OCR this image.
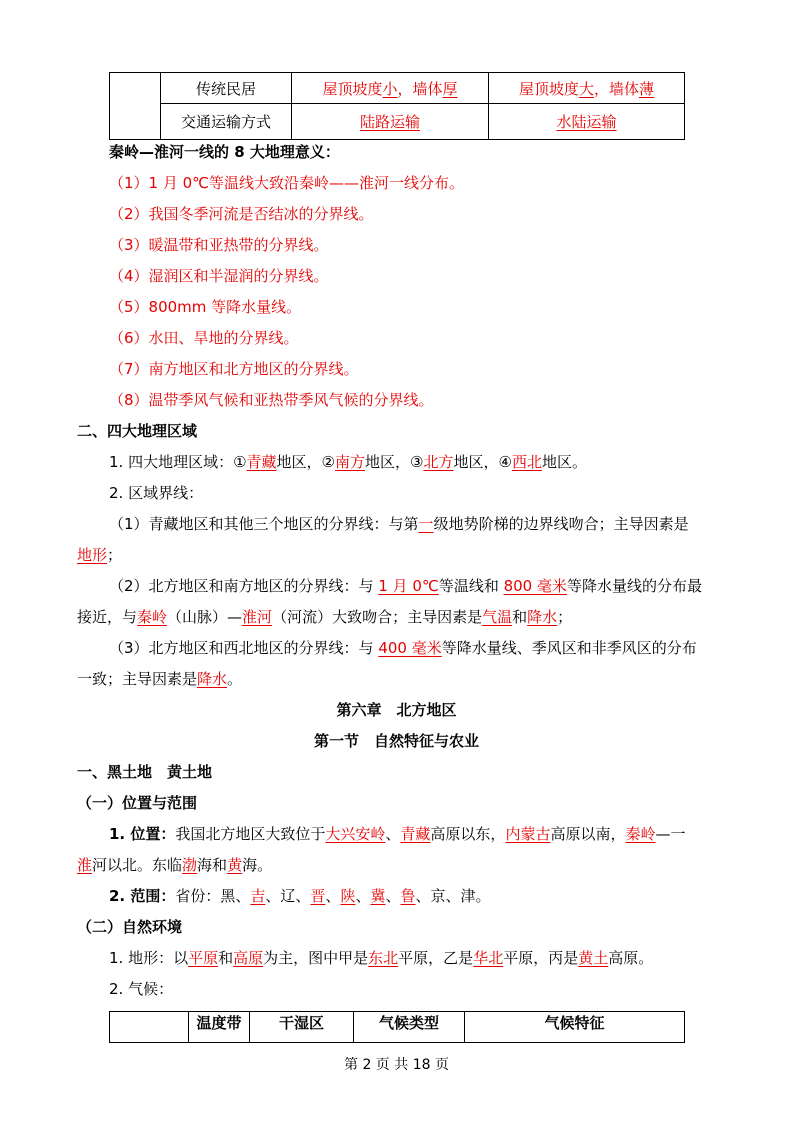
	传统民居	屋顶坡度小，墙体厚	屋顶坡度大，墙体薄
	交通运输方式	陆路运输	水陆运输
秦岭—淮河一线的 8 大地理意义：
（1）1 月 0℃等温线大致沿秦岭——淮河一线分布。
（2）我国冬季河流是否结冰的分界线。
（3）暖温带和亚热带的分界线。
（4）湿润区和半湿润的分界线。
（5）800mm 等降水量线。
（6）水田、旱地的分界线。
（7）南方地区和北方地区的分界线。
（8）温带季风气候和亚热带季风气候的分界线。
二、四大地理区域
1. 四大地理区域：①青藏地区，②南方地区，③北方地区，④西北地区。
2. 区域界线：
（1）青藏地区和其他三个地区的分界线：与第一级地势阶梯的边界线吻合；主导因素是
地形；
（2）北方地区和南方地区的分界线：与 1 月 0℃等温线和 800 毫米等降水量线的分布最
接近，与秦岭（山脉）—淮河（河流）大致吻合；主导因素是气温和降水；
（3）北方地区和西北地区的分界线：与 400 毫米等降水量线、季风区和非季风区的分布
一致；主导因素是降水。
第六章　北方地区
第一节　自然特征与农业
一、黑土地　黄土地
（一）位置与范围
1. 位置：我国北方地区大致位于大兴安岭、青藏高原以东，内蒙古高原以南，秦岭—一
淮河以北。东临渤海和黄海。
2. 范围：省份：黑、吉、辽、晋、陕、冀、鲁、京、津。
（二）自然环境
1. 地形：以平原和高原为主，图中甲是东北平原，乙是华北平原，丙是黄土高原。
2. 气候：
	温度带	干湿区	气候类型	气候特征
第 2 页 共 18 页
